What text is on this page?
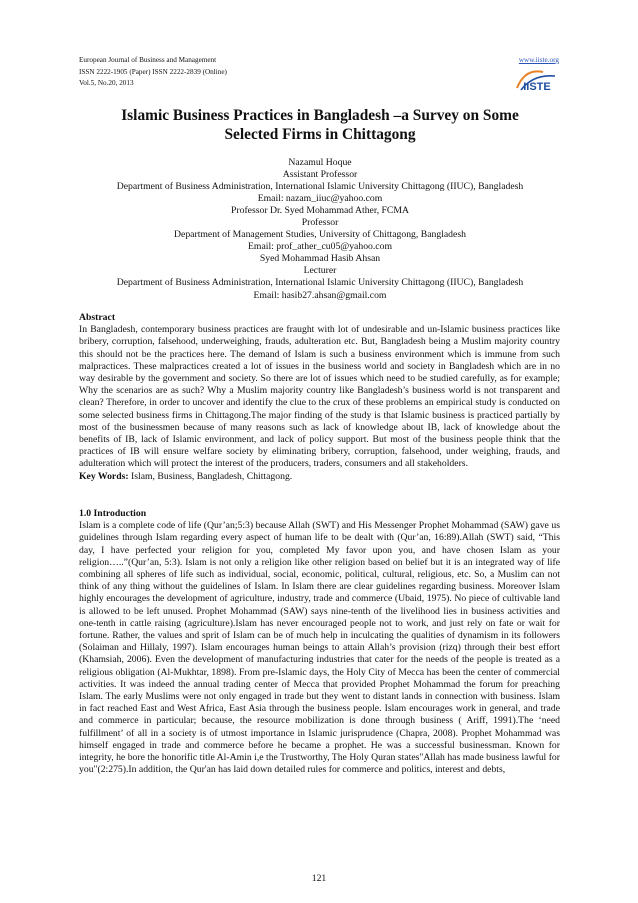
European Journal of Business and Management
ISSN 2222-1905 (Paper) ISSN 2222-2839 (Online)
Vol.5, No.20, 2013
www.iiste.org
IISTE
Islamic Business Practices in Bangladesh –a Survey on Some
Selected Firms in Chittagong
Nazamul Hoque
Assistant Professor
Department of Business Administration, International Islamic University Chittagong (IIUC), Bangladesh
Email: nazam_iiuc@yahoo.com
Professor Dr. Syed Mohammad Ather, FCMA
Professor
Department of Management Studies, University of Chittagong, Bangladesh
Email: prof_ather_cu05@yahoo.com
Syed Mohammad Hasib Ahsan
Lecturer
Department of Business Administration, International Islamic University Chittagong (IIUC), Bangladesh
Email: hasib27.ahsan@gmail.com
Abstract
In Bangladesh, contemporary business practices are fraught with lot of undesirable and un-Islamic business practices like bribery, corruption, falsehood, underweighing, frauds, adulteration etc. But, Bangladesh being a Muslim majority country this should not be the practices here. The demand of Islam is such a business environment which is immune from such malpractices. These malpractices created a lot of issues in the business world and society in Bangladesh which are in no way desirable by the government and society. So there are lot of issues which need to be studied carefully, as for example; Why the scenarios are as such? Why a Muslim majority country like Bangladesh’s business world is not transparent and clean? Therefore, in order to uncover and identify the clue to the crux of these problems an empirical study is conducted on some selected business firms in Chittagong.The major finding of the study is that Islamic business is practiced partially by most of the businessmen because of many reasons such as lack of knowledge about IB, lack of knowledge about the benefits of IB, lack of Islamic environment, and lack of policy support. But most of the business people think that the practices of IB will ensure welfare society by eliminating bribery, corruption, falsehood, under weighing, frauds, and adulteration which will protect the interest of the producers, traders, consumers and all stakeholders.
Key Words: Islam, Business, Bangladesh, Chittagong.
1.0 Introduction
Islam is a complete code of life (Qur’an;5:3) because Allah (SWT) and His Messenger Prophet Mohammad (SAW) gave us guidelines through Islam regarding every aspect of human life to be dealt with (Qur’an, 16:89).Allah (SWT) said, “This day, I have perfected your religion for you, completed My favor upon you, and have chosen Islam as your religion…..”(Qur’an, 5:3). Islam is not only a religion like other religion based on belief but it is an integrated way of life combining all spheres of life such as individual, social, economic, political, cultural, religious, etc. So, a Muslim can not think of any thing without the guidelines of Islam. In Islam there are clear guidelines regarding business. Moreover Islam highly encourages the development of agriculture, industry, trade and commerce (Ubaid, 1975). No piece of cultivable land is allowed to be left unused. Prophet Mohammad (SAW) says nine-tenth of the livelihood lies in business activities and one-tenth in cattle raising (agriculture).Islam has never encouraged people not to work, and just rely on fate or wait for fortune. Rather, the values and sprit of Islam can be of much help in inculcating the qualities of dynamism in its followers (Solaiman and Hillaly, 1997). Islam encourages human beings to attain Allah’s provision (rizq) through their best effort (Khamsiah, 2006). Even the development of manufacturing industries that cater for the needs of the people is treated as a religious obligation (Al-Mukhtar, 1898). From pre-Islamic days, the Holy City of Mecca has been the center of commercial activities. It was indeed the annual trading center of Mecca that provided Prophet Mohammad the forum for preaching Islam. The early Muslims were not only engaged in trade but they went to distant lands in connection with business. Islam in fact reached East and West Africa, East Asia through the business people. Islam encourages work in general, and trade and commerce in particular; because, the resource mobilization is done through business ( Ariff, 1991).The ‘need fulfillment’ of all in a society is of utmost importance in Islamic jurisprudence (Chapra, 2008). Prophet Mohammad was himself engaged in trade and commerce before he became a prophet. He was a successful businessman. Known for integrity, he bore the honorific title Al-Amin i,e the Trustworthy, The Holy Quran states"Allah has made business lawful for you"(2:275).In addition, the Qur'an has laid down detailed rules for commerce and politics, interest and debts,
121
